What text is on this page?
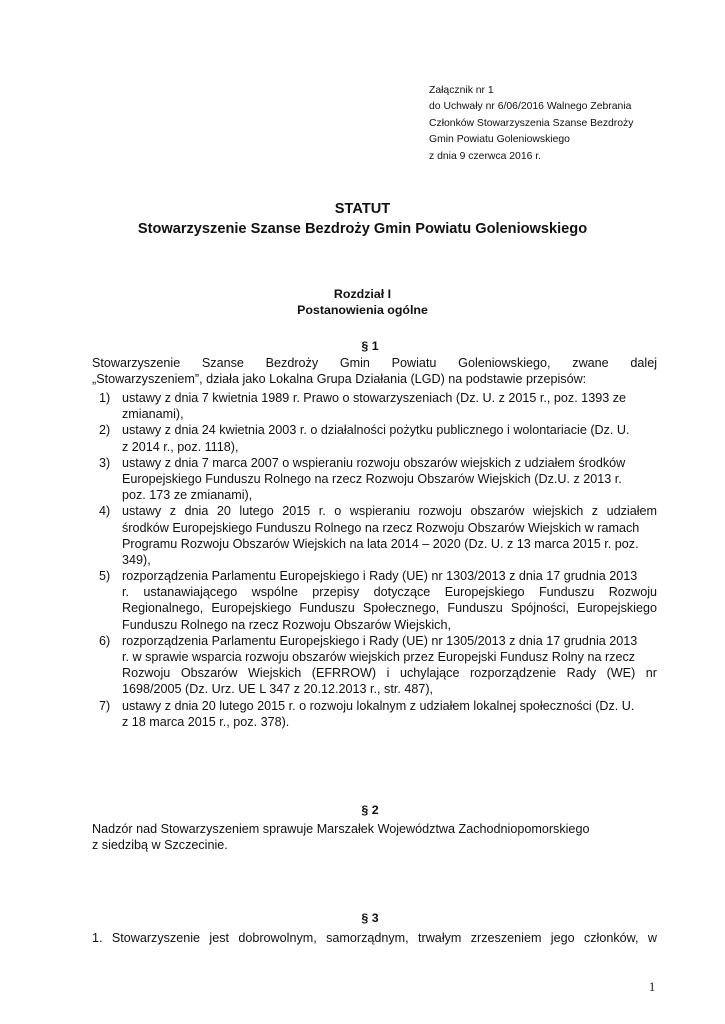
Załącznik nr 1
do Uchwały nr 6/06/2016 Walnego Zebrania
Członków Stowarzyszenia Szanse Bezdroży
Gmin Powiatu Goleniowskiego
z dnia 9 czerwca 2016 r.
STATUT
Stowarzyszenie Szanse Bezdroży Gmin Powiatu Goleniowskiego
Rozdział I
Postanowienia ogólne
§ 1
Stowarzyszenie Szanse Bezdroży Gmin Powiatu Goleniowskiego, zwane dalej
„Stowarzyszeniem”, działa jako Lokalna Grupa Działania (LGD) na podstawie przepisów:
1) ustawy z dnia 7 kwietnia 1989 r. Prawo o stowarzyszeniach (Dz. U. z 2015 r., poz. 1393 ze
zmianami),
2) ustawy z dnia 24 kwietnia 2003 r. o działalności pożytku publicznego i wolontariacie (Dz. U.
z 2014 r., poz. 1118),
3) ustawy z dnia 7 marca 2007 o wspieraniu rozwoju obszarów wiejskich z udziałem środków
Europejskiego Funduszu Rolnego na rzecz Rozwoju Obszarów Wiejskich (Dz.U. z 2013 r.
poz. 173 ze zmianami),
4) ustawy z dnia 20 lutego 2015 r. o wspieraniu rozwoju obszarów wiejskich z udziałem
środków Europejskiego Funduszu Rolnego na rzecz Rozwoju Obszarów Wiejskich w ramach
Programu Rozwoju Obszarów Wiejskich na lata 2014 – 2020 (Dz. U. z 13 marca 2015 r. poz.
349),
5) rozporządzenia Parlamentu Europejskiego i Rady (UE) nr 1303/2013 z dnia 17 grudnia 2013
r. ustanawiającego wspólne przepisy dotyczące Europejskiego Funduszu Rozwoju
Regionalnego, Europejskiego Funduszu Społecznego, Funduszu Spójności, Europejskiego
Funduszu Rolnego na rzecz Rozwoju Obszarów Wiejskich,
6) rozporządzenia Parlamentu Europejskiego i Rady (UE) nr 1305/2013 z dnia 17 grudnia 2013
r. w sprawie wsparcia rozwoju obszarów wiejskich przez Europejski Fundusz Rolny na rzecz
Rozwoju Obszarów Wiejskich (EFRROW) i uchylające rozporządzenie Rady (WE) nr
1698/2005 (Dz. Urz. UE L 347 z 20.12.2013 r., str. 487),
7) ustawy z dnia 20 lutego 2015 r. o rozwoju lokalnym z udziałem lokalnej społeczności (Dz. U.
z 18 marca 2015 r., poz. 378).
§ 2
Nadzór nad Stowarzyszeniem sprawuje Marszałek Województwa Zachodniopomorskiego
z siedzibą w Szczecinie.
§ 3
1. Stowarzyszenie jest dobrowolnym, samorządnym, trwałym zrzeszeniem jego członków, w
1
